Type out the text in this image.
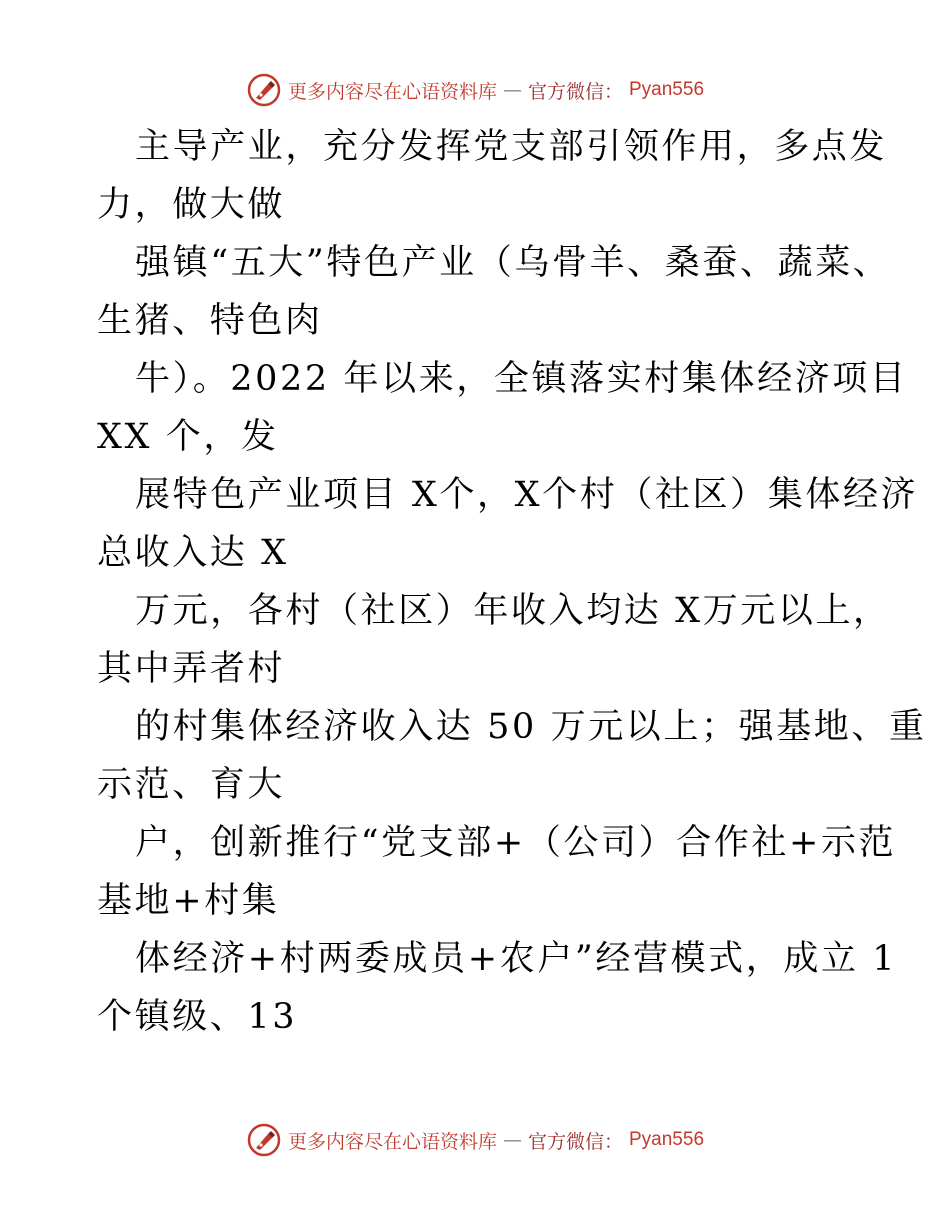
更多内容尽在心语资料库 — 官方微信： Pyan556
主导产业，充分发挥党支部引领作用，多点发
力，做大做
强镇“五大”特色产业（乌骨羊、桑蚕、蔬菜、
生猪、特色肉
牛）。2022 年以来，全镇落实村集体经济项目
XX 个，发
展特色产业项目 X个，X个村（社区）集体经济
总收入达 X
万元，各村（社区）年收入均达 X万元以上，
其中弄者村
的村集体经济收入达 50 万元以上；强基地、重
示范、育大
户，创新推行“党支部+（公司）合作社+示范
基地+村集
体经济+村两委成员+农户”经营模式，成立 1
个镇级、13
更多内容尽在心语资料库 — 官方微信： Pyan556
